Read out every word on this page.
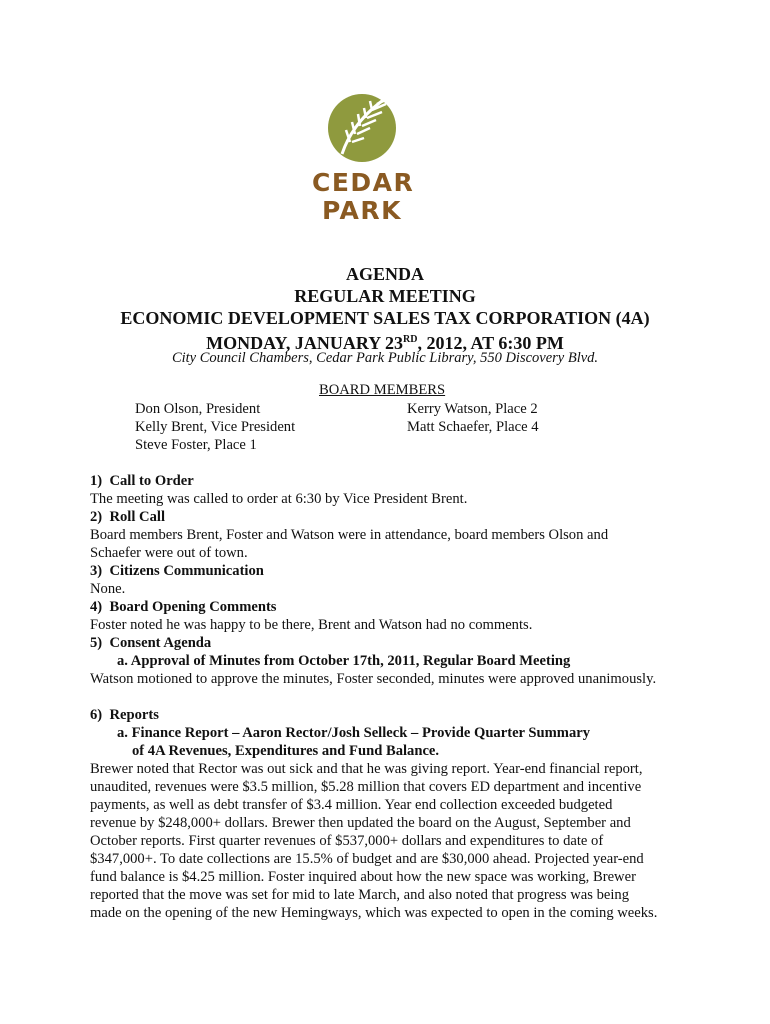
CEDAR
PARK
AGENDA
REGULAR MEETING
ECONOMIC DEVELOPMENT SALES TAX CORPORATION (4A)
MONDAY, JANUARY 23RD, 2012, AT 6:30 PM
City Council Chambers, Cedar Park Public Library, 550 Discovery Blvd.
BOARD MEMBERS
Don Olson, President
Kelly Brent, Vice President
Steve Foster, Place 1
Kerry Watson, Place 2
Matt Schaefer, Place 4
1)  Call to Order
The meeting was called to order at 6:30 by Vice President Brent.
2)  Roll Call
Board members Brent, Foster and Watson were in attendance, board members Olson and
Schaefer were out of town.
3)  Citizens Communication
None.
4)  Board Opening Comments
Foster noted he was happy to be there, Brent and Watson had no comments.
5)  Consent Agenda
a. Approval of Minutes from October 17th, 2011, Regular Board Meeting
Watson motioned to approve the minutes, Foster seconded, minutes were approved unanimously.
6)  Reports
a. Finance Report – Aaron Rector/Josh Selleck – Provide Quarter Summary
of 4A Revenues, Expenditures and Fund Balance.
Brewer noted that Rector was out sick and that he was giving report. Year-end financial report,
unaudited, revenues were $3.5 million, $5.28 million that covers ED department and incentive
payments, as well as debt transfer of $3.4 million. Year end collection exceeded budgeted
revenue by $248,000+ dollars. Brewer then updated the board on the August, September and
October reports. First quarter revenues of $537,000+ dollars and expenditures to date of
$347,000+. To date collections are 15.5% of budget and are $30,000 ahead. Projected year-end
fund balance is $4.25 million. Foster inquired about how the new space was working, Brewer
reported that the move was set for mid to late March, and also noted that progress was being
made on the opening of the new Hemingways, which was expected to open in the coming weeks.
